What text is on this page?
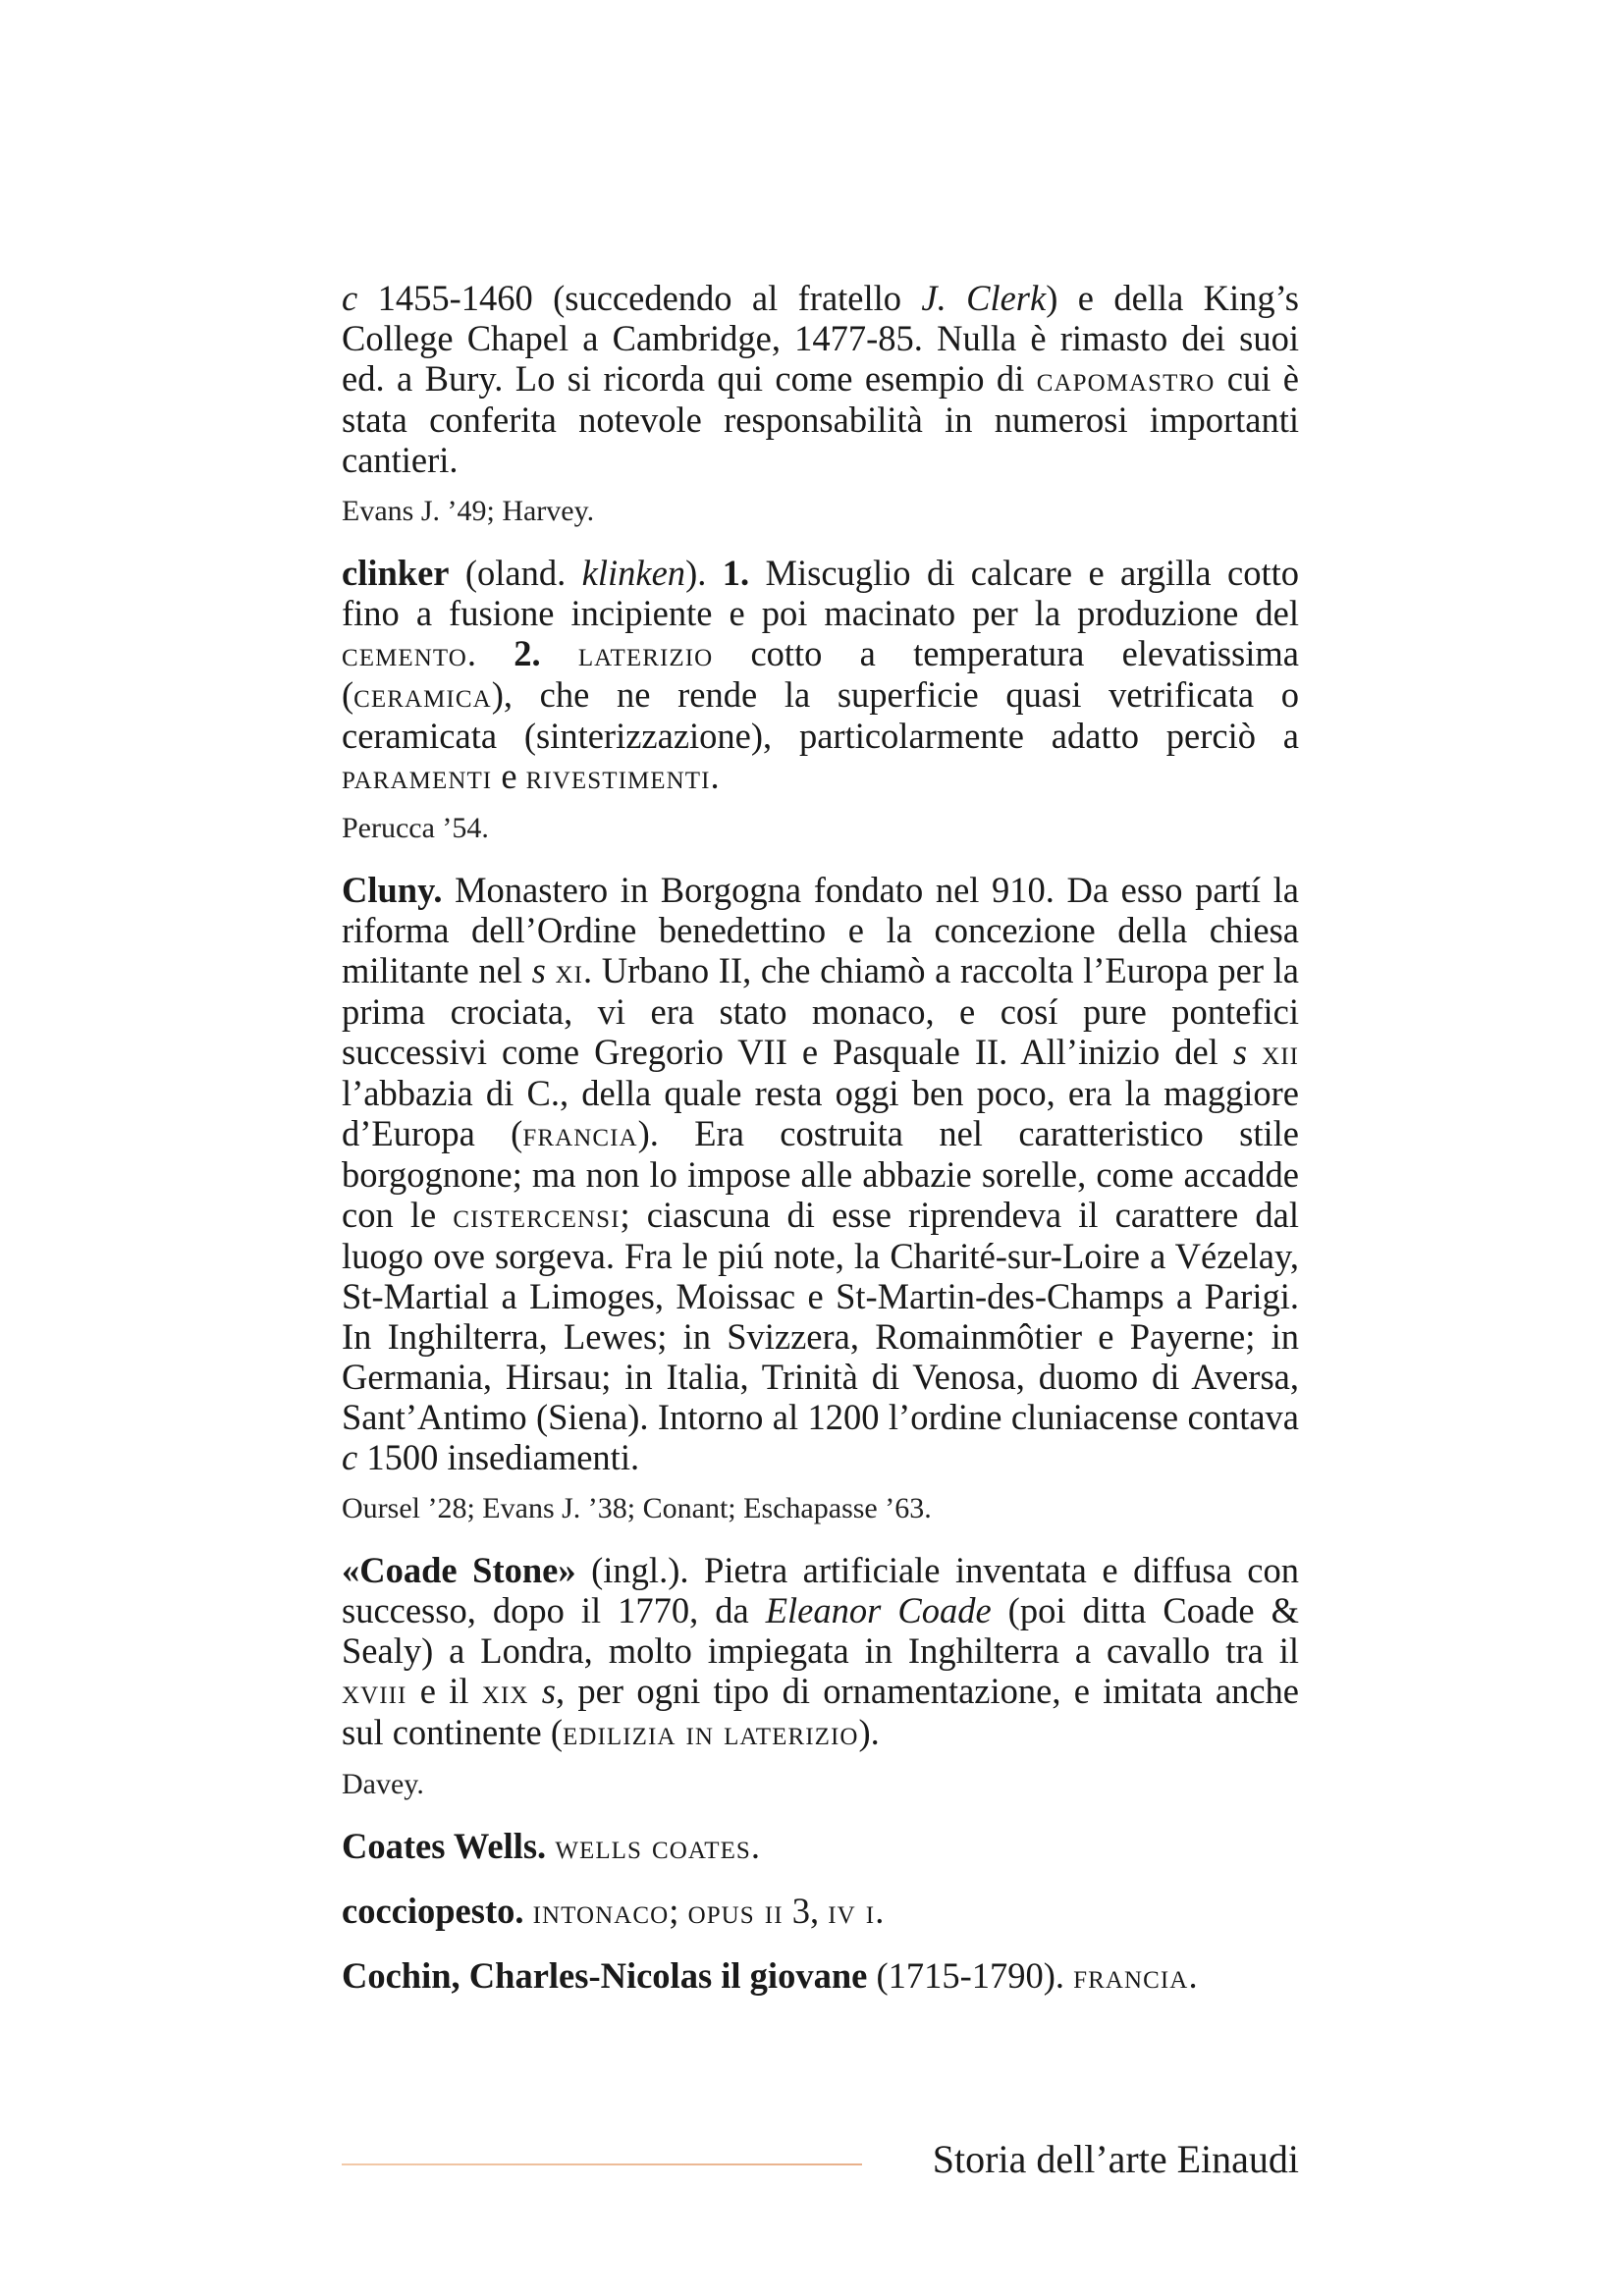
c 1455-1460 (succedendo al fratello J. Clerk) e della King’s College Chapel a Cambridge, 1477-85. Nulla è rimasto dei suoi ed. a Bury. Lo si ricorda qui come esempio di capomastro cui è stata conferita notevole responsabilità in numerosi importanti cantieri.

Evans J. ’49; Harvey.

clinker (oland. klinken). 1. Miscuglio di calcare e argilla cotto fino a fusione incipiente e poi macinato per la produzione del cemento. 2. laterizio cotto a temperatura elevatissima (ceramica), che ne rende la superficie quasi vetrificata o ceramicata (sinterizzazione), particolarmente adatto perciò a paramenti e rivestimenti.

Perucca ’54.

Cluny. Monastero in Borgogna fondato nel 910. Da esso partí la riforma dell’Ordine benedettino e la concezione della chiesa militante nel s xi. Urbano II, che chiamò a raccolta l’Europa per la prima crociata, vi era stato monaco, e cosí pure pontefici successivi come Gregorio VII e Pasquale II. All’inizio del s xii l’abbazia di C., della quale resta oggi ben poco, era la maggiore d’Europa (francia). Era costruita nel caratteristico stile borgognone; ma non lo impose alle abbazie sorelle, come accadde con le cistercensi; ciascuna di esse riprendeva il carattere dal luogo ove sorgeva. Fra le piú note, la Charité-sur-Loire a Vézelay, St-Martial a Limoges, Moissac e St-Martin-des-Champs a Parigi. In Inghilterra, Lewes; in Svizzera, Romainmôtier e Payerne; in Germania, Hirsau; in Italia, Trinità di Venosa, duomo di Aversa, Sant’Antimo (Siena). Intorno al 1200 l’ordine cluniacense contava c 1500 insediamenti.

Oursel ’28; Evans J. ’38; Conant; Eschapasse ’63.

«Coade Stone» (ingl.). Pietra artificiale inventata e diffusa con successo, dopo il 1770, da Eleanor Coade (poi ditta Coade & Sealy) a Londra, molto impiegata in Inghilterra a cavallo tra il xviii e il xix s, per ogni tipo di ornamentazione, e imitata anche sul continente (edilizia in laterizio).

Davey.

Coates Wells. wells coates.

cocciopesto. intonaco; opus ii 3, iv i.

Cochin, Charles-Nicolas il giovane (1715-1790). francia.

Storia dell’arte Einaudi
